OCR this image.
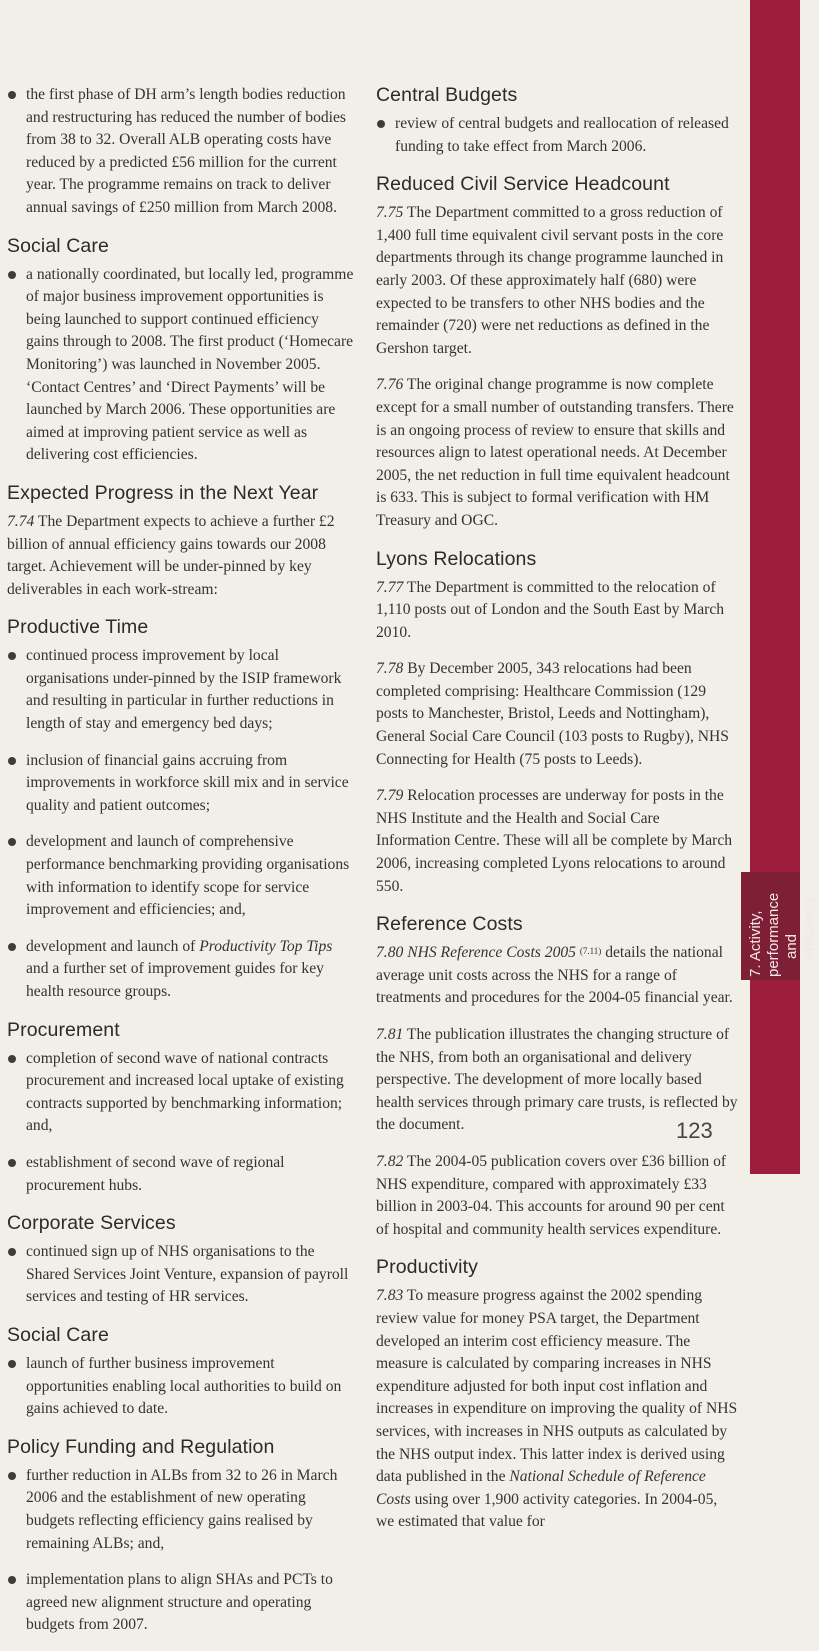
the first phase of DH arm’s length bodies reduction and restructuring has reduced the number of bodies from 38 to 32. Overall ALB operating costs have reduced by a predicted £56 million for the current year. The programme remains on track to deliver annual savings of £250 million from March 2008.
Social Care
a nationally coordinated, but locally led, programme of major business improvement opportunities is being launched to support continued efficiency gains through to 2008. The first product (‘Homecare Monitoring’) was launched in November 2005. ‘Contact Centres’ and ‘Direct Payments’ will be launched by March 2006. These opportunities are aimed at improving patient service as well as delivering cost efficiencies.
Expected Progress in the Next Year

7.74 The Department expects to achieve a further £2 billion of annual efficiency gains towards our 2008 target. Achievement will be under-pinned by key deliverables in each work-stream:

Productive Time
continued process improvement by local organisations under-pinned by the ISIP framework and resulting in particular in further reductions in length of stay and emergency bed days;
inclusion of financial gains accruing from improvements in workforce skill mix and in service quality and patient outcomes;
development and launch of comprehensive performance benchmarking providing organisations with information to identify scope for service improvement and efficiencies; and,
development and launch of Productivity Top Tips and a further set of improvement guides for key health resource groups.
Procurement
completion of second wave of national contracts procurement and increased local uptake of existing contracts supported by benchmarking information; and,
establishment of second wave of regional procurement hubs.
Corporate Services
continued sign up of NHS organisations to the Shared Services Joint Venture, expansion of payroll services and testing of HR services.
Social Care
launch of further business improvement opportunities enabling local authorities to build on gains achieved to date.
Policy Funding and Regulation
further reduction in ALBs from 32 to 26 in March 2006 and the establishment of new operating budgets reflecting efficiency gains realised by remaining ALBs; and,
implementation plans to align SHAs and PCTs to agreed new alignment structure and operating budgets from 2007.
Central Budgets
review of central budgets and reallocation of released funding to take effect from March 2006.
Reduced Civil Service Headcount

7.75 The Department committed to a gross reduction of 1,400 full time equivalent civil servant posts in the core departments through its change programme launched in early 2003. Of these approximately half (680) were expected to be transfers to other NHS bodies and the remainder (720) were net reductions as defined in the Gershon target.

7.76 The original change programme is now complete except for a small number of outstanding transfers. There is an ongoing process of review to ensure that skills and resources align to latest operational needs. At December 2005, the net reduction in full time equivalent headcount is 633. This is subject to formal verification with HM Treasury and OGC.

Lyons Relocations

7.77 The Department is committed to the relocation of 1,110 posts out of London and the South East by March 2010.

7.78 By December 2005, 343 relocations had been completed comprising: Healthcare Commission (129 posts to Manchester, Bristol, Leeds and Nottingham), General Social Care Council (103 posts to Rugby), NHS Connecting for Health (75 posts to Leeds).

7.79 Relocation processes are underway for posts in the NHS Institute and the Health and Social Care Information Centre. These will all be complete by March 2006, increasing completed Lyons relocations to around 550.

Reference Costs

7.80 NHS Reference Costs 2005 $^{(7.11)}$ details the national average unit costs across the NHS for a range of treatments and procedures for the 2004-05 financial year.

7.81 The publication illustrates the changing structure of the NHS, from both an organisational and delivery perspective. The development of more locally based health services through primary care trusts, is reflected by the document.

7.82 The 2004-05 publication covers over £36 billion of NHS expenditure, compared with approximately £33 billion in 2003-04. This accounts for around 90 per cent of hospital and community health services expenditure.

Productivity

7.83 To measure progress against the 2002 spending review value for money PSA target, the Department developed an interim cost efficiency measure. The measure is calculated by comparing increases in NHS expenditure adjusted for both input cost inflation and increases in expenditure on improving the quality of NHS services, with increases in NHS outputs as calculated by the NHS output index. This latter index is derived using data published in the National Schedule of Reference Costs using over 1,900 activity categories. In 2004-05, we estimated that value for

7. Activity, performance and efficiency
123
